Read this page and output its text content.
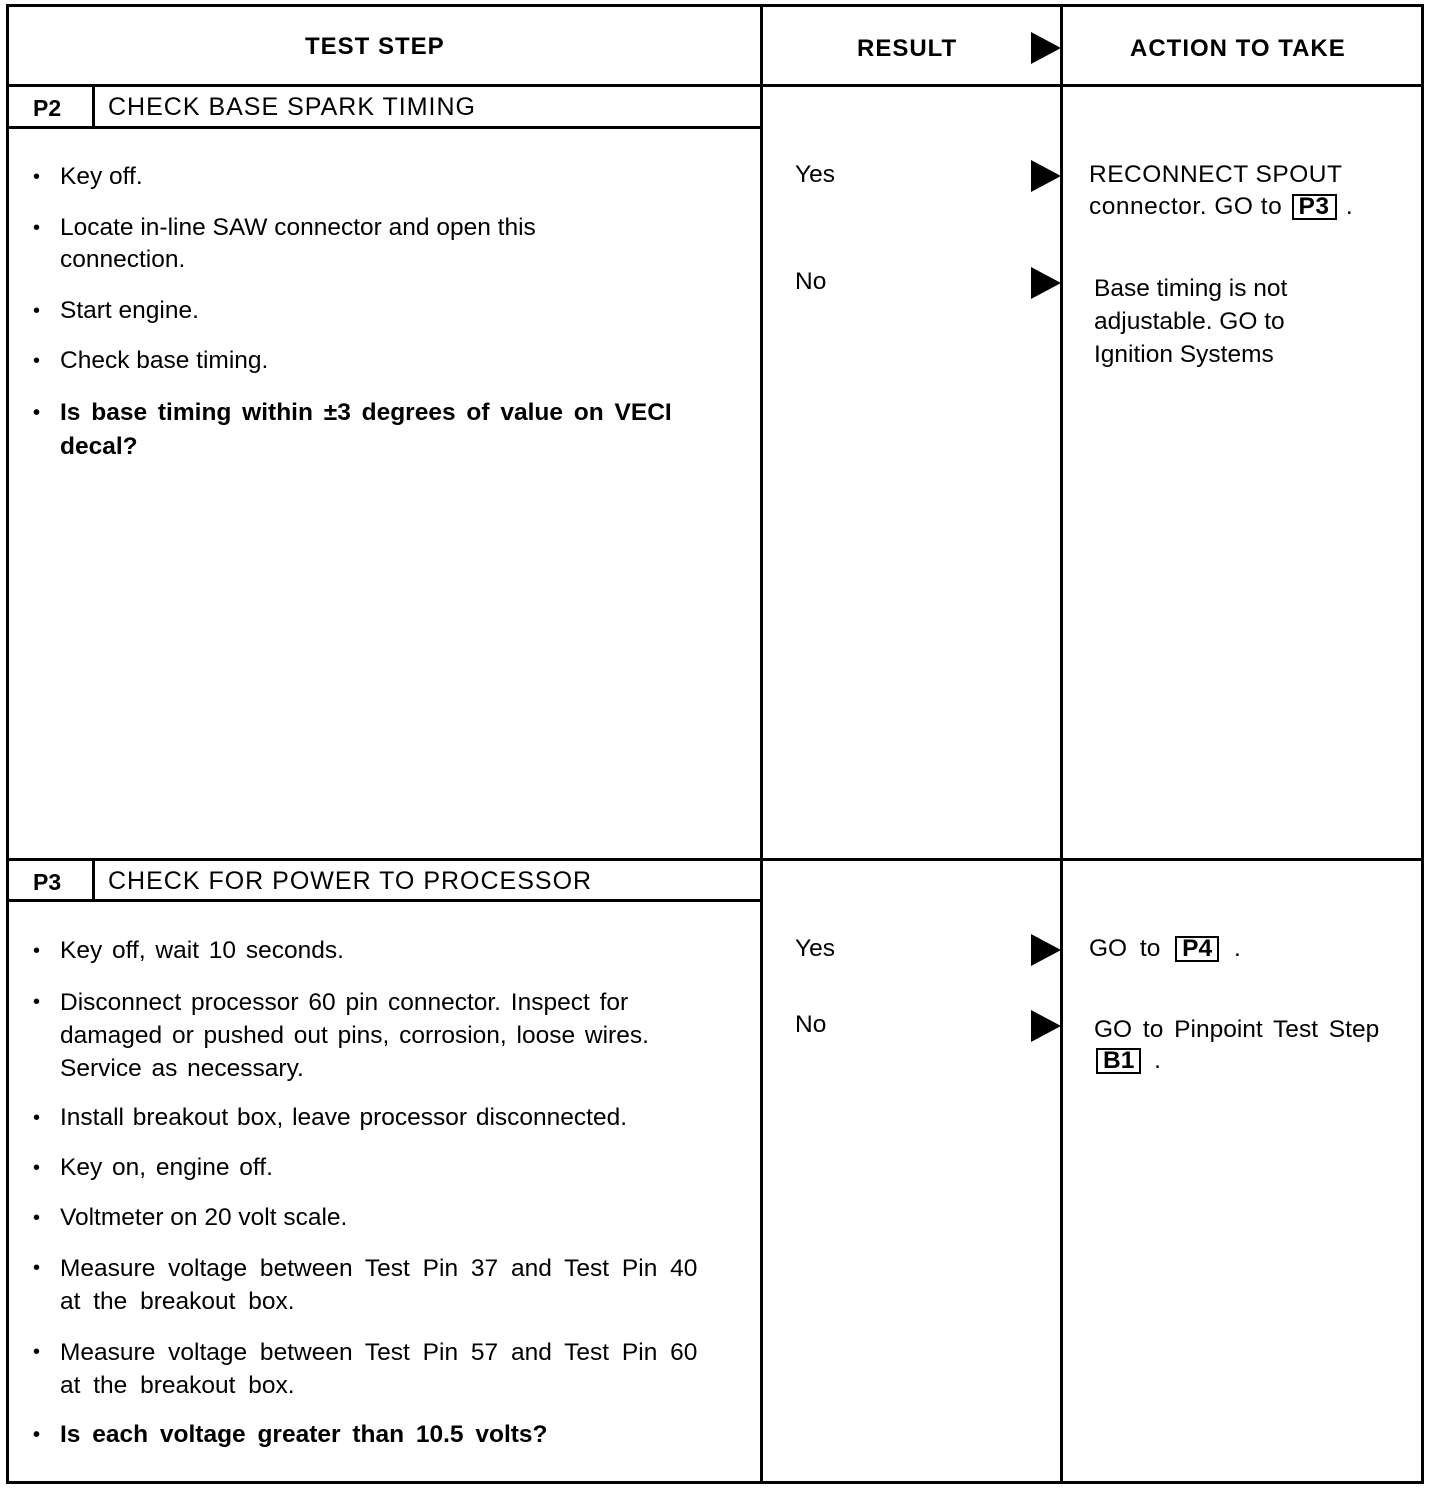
TEST STEP	RESULT	ACTION TO TAKE
P2 CHECK BASE SPARK TIMING
• Key off.
• Locate in-line SAW connector and open this connection.
• Start engine.
• Check base timing.
• Is base timing within ±3 degrees of value on VECI decal?
Yes	RECONNECT SPOUT connector. GO to P3 .
No	Base timing is not adjustable. GO to Ignition Systems
P3 CHECK FOR POWER TO PROCESSOR
• Key off, wait 10 seconds.
• Disconnect processor 60 pin connector. Inspect for damaged or pushed out pins, corrosion, loose wires. Service as necessary.
• Install breakout box, leave processor disconnected.
• Key on, engine off.
• Voltmeter on 20 volt scale.
• Measure voltage between Test Pin 37 and Test Pin 40 at the breakout box.
• Measure voltage between Test Pin 57 and Test Pin 60 at the breakout box.
• Is each voltage greater than 10.5 volts?
Yes	GO to P4 .
No	GO to Pinpoint Test Step B1 .
